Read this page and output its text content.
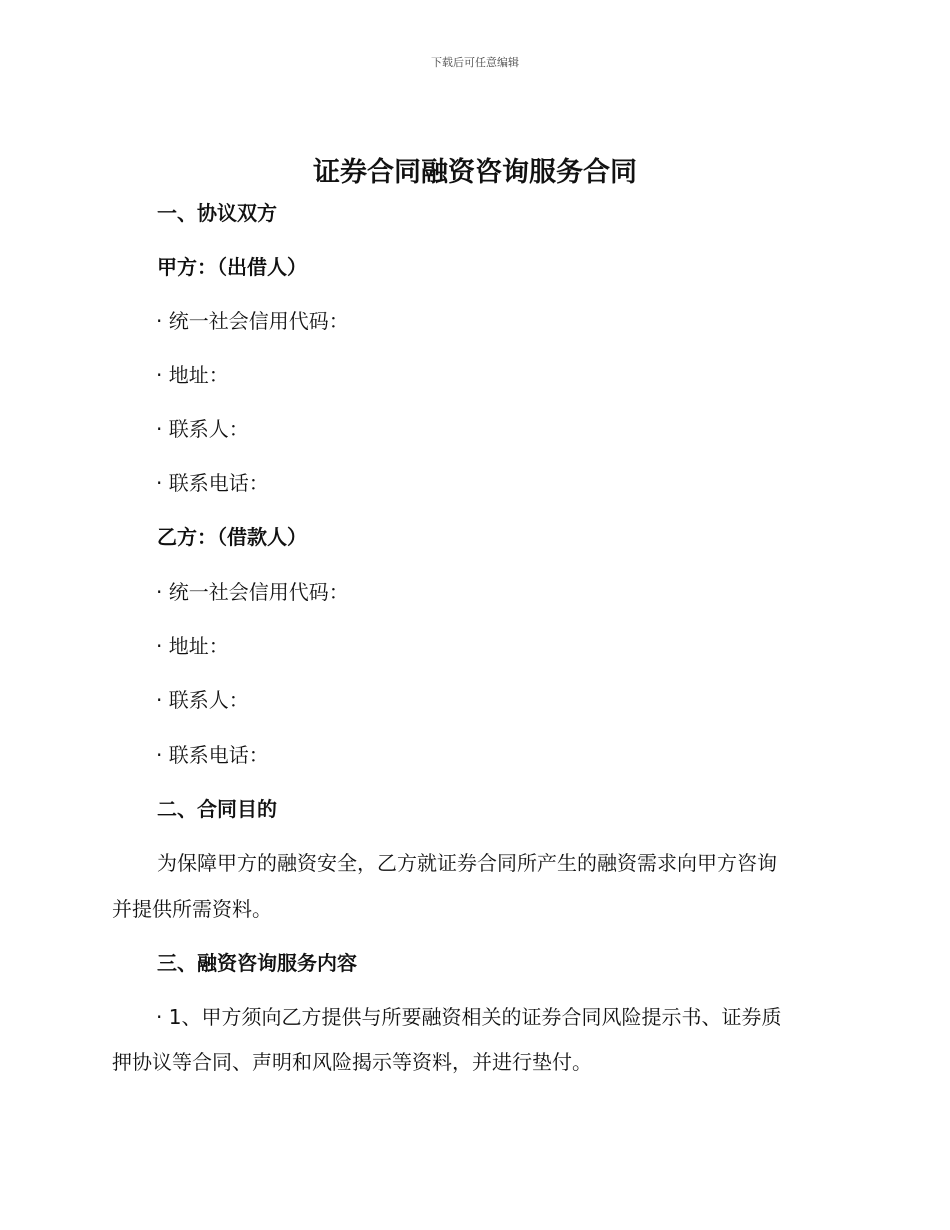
下载后可任意编辑
证券合同融资咨询服务合同
一、协议双方
甲方：（出借人）
· 统一社会信用代码：
· 地址：
· 联系人：
· 联系电话：
乙方：（借款人）
· 统一社会信用代码：
· 地址：
· 联系人：
· 联系电话：
二、合同目的
为保障甲方的融资安全，乙方就证券合同所产生的融资需求向甲方咨询
并提供所需资料。
三、融资咨询服务内容
· 1、甲方须向乙方提供与所要融资相关的证券合同风险提示书、证券质
押协议等合同、声明和风险揭示等资料，并进行垫付。
